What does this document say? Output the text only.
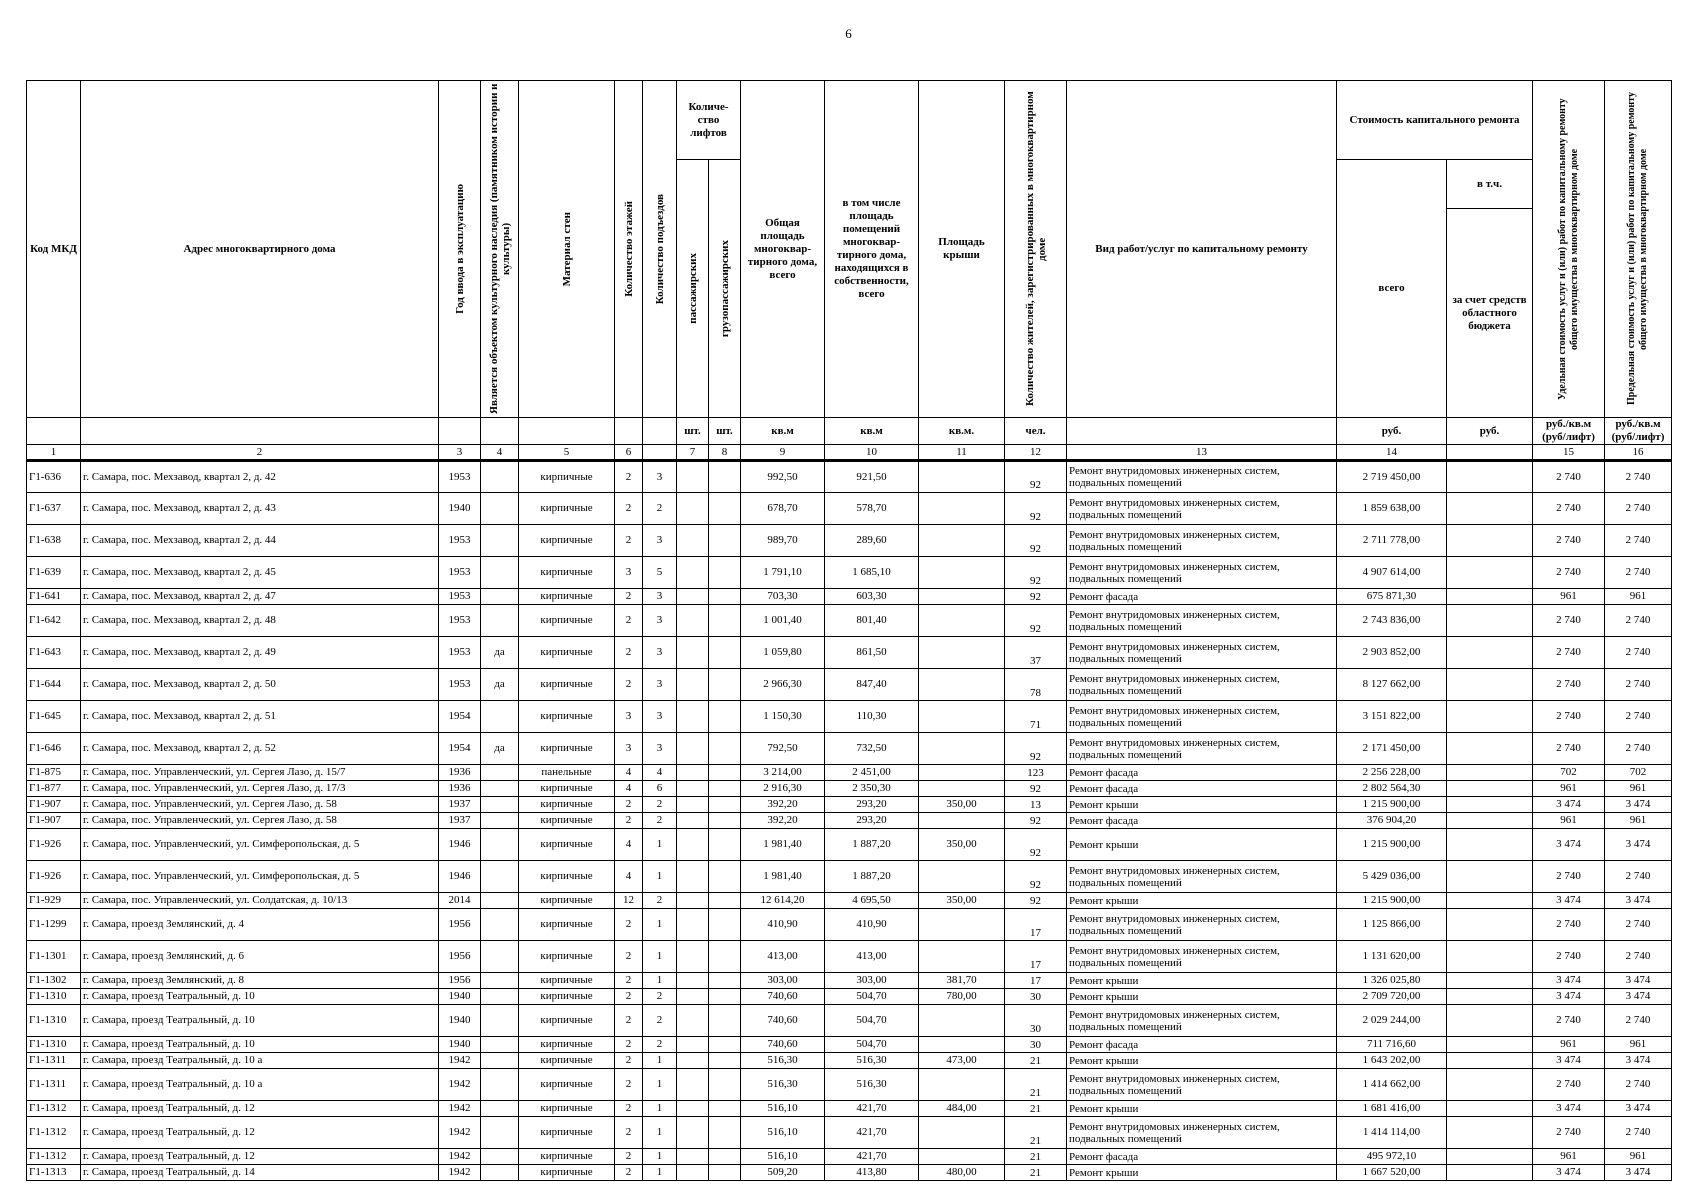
6
Код МКД	Адрес многоквартирного дома	Год ввода в эксплуатацию	Является объектом культурного наследия (памятником истории и культуры)	Материал стен	Количество этажей	Количество подъездов	Количе-ство лифтов		Общая площадь многоквар-тирного дома, всего	в том числе площадь помещений многоквар-тирного дома, находящихся в собственности, всего	Площадь крыши	Количество жителей, зарегистрированных в многоквартирном доме	Вид работ/услуг по капитальному ремонту	Стоимость капитального ремонта		Удельная стоимость услуг и (или) работ по капитальному ремонту общего имущества в многоквартирном доме	Предельная стоимость услуг и (или) работ по капитальному ремонту общего имущества в многоквартирном доме

							пассажирских	грузопассажирских						всего	в т.ч.		
															за счет средств областного бюджета		
							шт.	шт.	кв.м	кв.м	кв.м.	чел.		руб.	руб.	руб./кв.м (руб/лифт)	руб./кв.м (руб/лифт)
1	2	3	4	5	6		7	8	9	10	11	12	13	14		15	16
Г1-636	г. Самара, пос. Мехзавод, квартал 2, д. 42	1953		кирпичные	2	3			992,50	921,50		92	Ремонт внутридомовых инженерных систем, подвальных помещений	2 719 450,00		2 740	2 740
Г1-637	г. Самара, пос. Мехзавод, квартал 2, д. 43	1940		кирпичные	2	2			678,70	578,70		92	Ремонт внутридомовых инженерных систем, подвальных помещений	1 859 638,00		2 740	2 740
Г1-638	г. Самара, пос. Мехзавод, квартал 2, д. 44	1953		кирпичные	2	3			989,70	289,60		92	Ремонт внутридомовых инженерных систем, подвальных помещений	2 711 778,00		2 740	2 740
Г1-639	г. Самара, пос. Мехзавод, квартал 2, д. 45	1953		кирпичные	3	5			1 791,10	1 685,10		92	Ремонт внутридомовых инженерных систем, подвальных помещений	4 907 614,00		2 740	2 740
Г1-641	г. Самара, пос. Мехзавод, квартал 2, д. 47	1953		кирпичные	2	3			703,30	603,30		92	Ремонт фасада	675 871,30		961	961
Г1-642	г. Самара, пос. Мехзавод, квартал 2, д. 48	1953		кирпичные	2	3			1 001,40	801,40		92	Ремонт внутридомовых инженерных систем, подвальных помещений	2 743 836,00		2 740	2 740
Г1-643	г. Самара, пос. Мехзавод, квартал 2, д. 49	1953	да	кирпичные	2	3			1 059,80	861,50		37	Ремонт внутридомовых инженерных систем, подвальных помещений	2 903 852,00		2 740	2 740
Г1-644	г. Самара, пос. Мехзавод, квартал 2, д. 50	1953	да	кирпичные	2	3			2 966,30	847,40		78	Ремонт внутридомовых инженерных систем, подвальных помещений	8 127 662,00		2 740	2 740
Г1-645	г. Самара, пос. Мехзавод, квартал 2, д. 51	1954		кирпичные	3	3			1 150,30	110,30		71	Ремонт внутридомовых инженерных систем, подвальных помещений	3 151 822,00		2 740	2 740
Г1-646	г. Самара, пос. Мехзавод, квартал 2, д. 52	1954	да	кирпичные	3	3			792,50	732,50		92	Ремонт внутридомовых инженерных систем, подвальных помещений	2 171 450,00		2 740	2 740
Г1-875	г. Самара, пос. Управленческий, ул. Сергея Лазо, д. 15/7	1936		панельные	4	4			3 214,00	2 451,00		123	Ремонт фасада	2 256 228,00		702	702
Г1-877	г. Самара, пос. Управленческий, ул. Сергея Лазо, д. 17/3	1936		кирпичные	4	6			2 916,30	2 350,30		92	Ремонт фасада	2 802 564,30		961	961
Г1-907	г. Самара, пос. Управленческий, ул. Сергея Лазо, д. 58	1937		кирпичные	2	2			392,20	293,20	350,00	13	Ремонт крыши	1 215 900,00		3 474	3 474
Г1-907	г. Самара, пос. Управленческий, ул. Сергея Лазо, д. 58	1937		кирпичные	2	2			392,20	293,20		92	Ремонт фасада	376 904,20		961	961
Г1-926	г. Самара, пос. Управленческий, ул. Симферопольская, д. 5	1946		кирпичные	4	1			1 981,40	1 887,20	350,00	92	Ремонт крыши	1 215 900,00		3 474	3 474
Г1-926	г. Самара, пос. Управленческий, ул. Симферопольская, д. 5	1946		кирпичные	4	1			1 981,40	1 887,20		92	Ремонт внутридомовых инженерных систем, подвальных помещений	5 429 036,00		2 740	2 740
Г1-929	г. Самара, пос. Управленческий, ул. Солдатская, д. 10/13	2014		кирпичные	12	2			12 614,20	4 695,50	350,00	92	Ремонт крыши	1 215 900,00		3 474	3 474
Г1-1299	г. Самара, проезд Землянский, д. 4	1956		кирпичные	2	1			410,90	410,90		17	Ремонт внутридомовых инженерных систем, подвальных помещений	1 125 866,00		2 740	2 740
Г1-1301	г. Самара, проезд Землянский, д. 6	1956		кирпичные	2	1			413,00	413,00		17	Ремонт внутридомовых инженерных систем, подвальных помещений	1 131 620,00		2 740	2 740
Г1-1302	г. Самара, проезд Землянский, д. 8	1956		кирпичные	2	1			303,00	303,00	381,70	17	Ремонт крыши	1 326 025,80		3 474	3 474
Г1-1310	г. Самара, проезд Театральный, д. 10	1940		кирпичные	2	2			740,60	504,70	780,00	30	Ремонт крыши	2 709 720,00		3 474	3 474
Г1-1310	г. Самара, проезд Театральный, д. 10	1940		кирпичные	2	2			740,60	504,70		30	Ремонт внутридомовых инженерных систем, подвальных помещений	2 029 244,00		2 740	2 740
Г1-1310	г. Самара, проезд Театральный, д. 10	1940		кирпичные	2	2			740,60	504,70		30	Ремонт фасада	711 716,60		961	961
Г1-1311	г. Самара, проезд Театральный, д. 10 а	1942		кирпичные	2	1			516,30	516,30	473,00	21	Ремонт крыши	1 643 202,00		3 474	3 474
Г1-1311	г. Самара, проезд Театральный, д. 10 а	1942		кирпичные	2	1			516,30	516,30		21	Ремонт внутридомовых инженерных систем, подвальных помещений	1 414 662,00		2 740	2 740
Г1-1312	г. Самара, проезд Театральный, д. 12	1942		кирпичные	2	1			516,10	421,70	484,00	21	Ремонт крыши	1 681 416,00		3 474	3 474
Г1-1312	г. Самара, проезд Театральный, д. 12	1942		кирпичные	2	1			516,10	421,70		21	Ремонт внутридомовых инженерных систем, подвальных помещений	1 414 114,00		2 740	2 740
Г1-1312	г. Самара, проезд Театральный, д. 12	1942		кирпичные	2	1			516,10	421,70		21	Ремонт фасада	495 972,10		961	961
Г1-1313	г. Самара, проезд Театральный, д. 14	1942		кирпичные	2	1			509,20	413,80	480,00	21	Ремонт крыши	1 667 520,00		3 474	3 474
